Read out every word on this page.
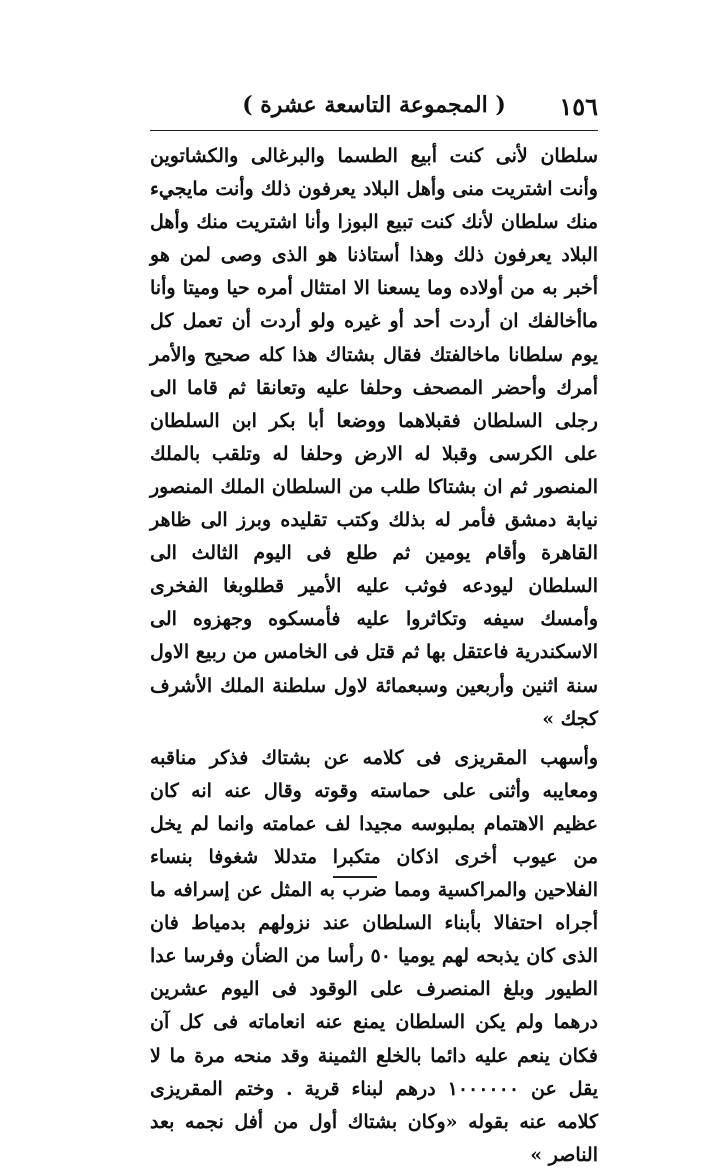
١٥٦
( المجموعة التاسعة عشرة )

سلطان لأنى كنت أبيع الطسما والبرغالى والكشاتوين وأنت اشتريت منى وأهل البلاد يعرفون ذلك وأنت مايجيء منك سلطان لأنك كنت تبيع البوزا وأنا اشتريت منك وأهل البلاد يعرفون ذلك وهذا أستاذنا هو الذى وصى لمن هو أخبر به من أولاده وما يسعنا الا امتثال أمره حيا وميتا وأنا ماأخالفك ان أردت أحد أو غيره ولو أردت أن تعمل كل يوم سلطانا ماخالفتك فقال بشتاك هذا كله صحيح والأمر أمرك وأحضر المصحف وحلفا عليه وتعانقا ثم قاما الى رجلى السلطان فقبلاهما ووضعا أبا بكر ابن السلطان على الكرسى وقبلا له الارض وحلفا له وتلقب بالملك المنصور ثم ان بشتاكا طلب من السلطان الملك المنصور نيابة دمشق فأمر له بذلك وكتب تقليده وبرز الى ظاهر القاهرة وأقام يومين ثم طلع فى اليوم الثالث الى السلطان ليودعه فوثب عليه الأمير قطلوبغا الفخرى وأمسك سيفه وتكاثروا عليه فأمسكوه وجهزوه الى الاسكندرية فاعتقل بها ثم قتل فى الخامس من ربيع الاول سنة اثنين وأربعين وسبعمائة لاول سلطنة الملك الأشرف كجك »

وأسهب المقريزى فى كلامه عن بشتاك فذكر مناقبه ومعايبه وأثنى على حماسته وقوته وقال عنه انه كان عظيم الاهتمام بملبوسه مجيدا لف عمامته وانما لم يخل من عيوب أخرى اذكان متكبرا متدللا شغوفا بنساء الفلاحين والمراكسية ومما ضرب به المثل عن إسرافه ما أجراه احتفالا بأبناء السلطان عند نزولهم بدمياط فان الذى كان يذبحه لهم يوميا ٥٠ رأسا من الضأن وفرسا عدا الطيور وبلغ المنصرف على الوقود فى اليوم عشرين درهما ولم يكن السلطان يمنع عنه انعاماته فى كل آن فكان ينعم عليه دائما بالخلع الثمينة وقد منحه مرة ما لا يقل عن ١٠٠٠٠٠٠ درهم لبناء قرية . وختم المقريزى كلامه عنه بقوله «وكان بشتاك أول من أفل نجمه بعد الناصر »
